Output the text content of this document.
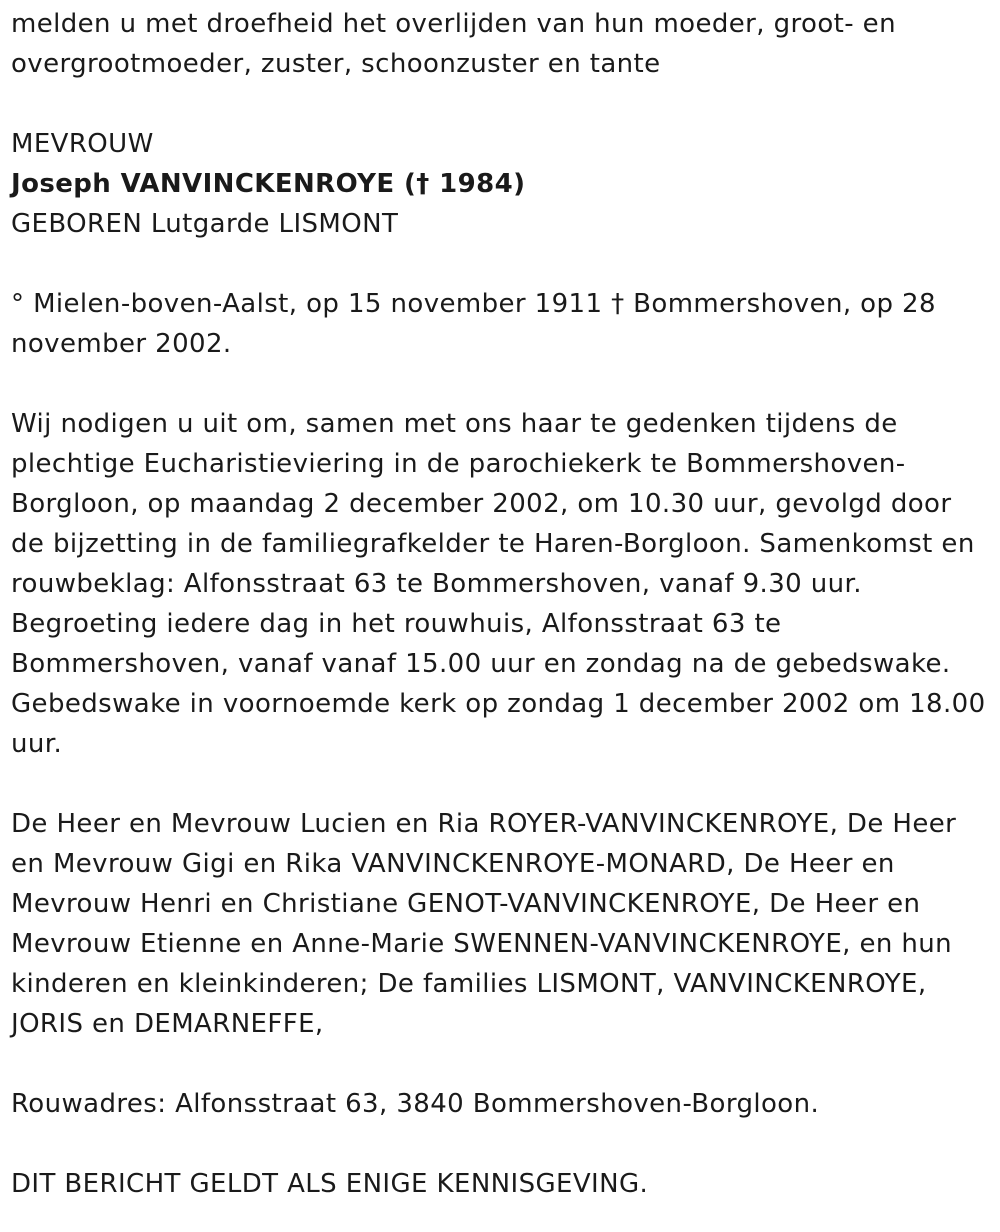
melden u met droefheid het overlijden van hun moeder, groot- en overgrootmoeder, zuster, schoonzuster en tante

MEVROUW

Joseph VANVINCKENROYE († 1984)

GEBOREN Lutgarde LISMONT

° Mielen-boven-Aalst, op 15 november 1911 † Bommershoven, op 28 november 2002.

Wij nodigen u uit om, samen met ons haar te gedenken tijdens de plechtige Eucharistieviering in de parochiekerk te Bommershoven-Borgloon, op maandag 2 december 2002, om 10.30 uur, gevolgd door de bijzetting in de familiegrafkelder te Haren-Borgloon. Samenkomst en rouwbeklag: Alfonsstraat 63 te Bommershoven, vanaf 9.30 uur. Begroeting iedere dag in het rouwhuis, Alfonsstraat 63 te Bommershoven, vanaf vanaf 15.00 uur en zondag na de gebedswake. Gebedswake in voornoemde kerk op zondag 1 december 2002 om 18.00 uur.

De Heer en Mevrouw Lucien en Ria ROYER-VANVINCKENROYE, De Heer en Mevrouw Gigi en Rika VANVINCKENROYE-MONARD, De Heer en Mevrouw Henri en Christiane GENOT-VANVINCKENROYE, De Heer en Mevrouw Etienne en Anne-Marie SWENNEN-VANVINCKENROYE, en hun kinderen en kleinkinderen; De families LISMONT, VANVINCKENROYE, JORIS en DEMARNEFFE,

Rouwadres: Alfonsstraat 63, 3840 Bommershoven-Borgloon.

DIT BERICHT GELDT ALS ENIGE KENNISGEVING.
